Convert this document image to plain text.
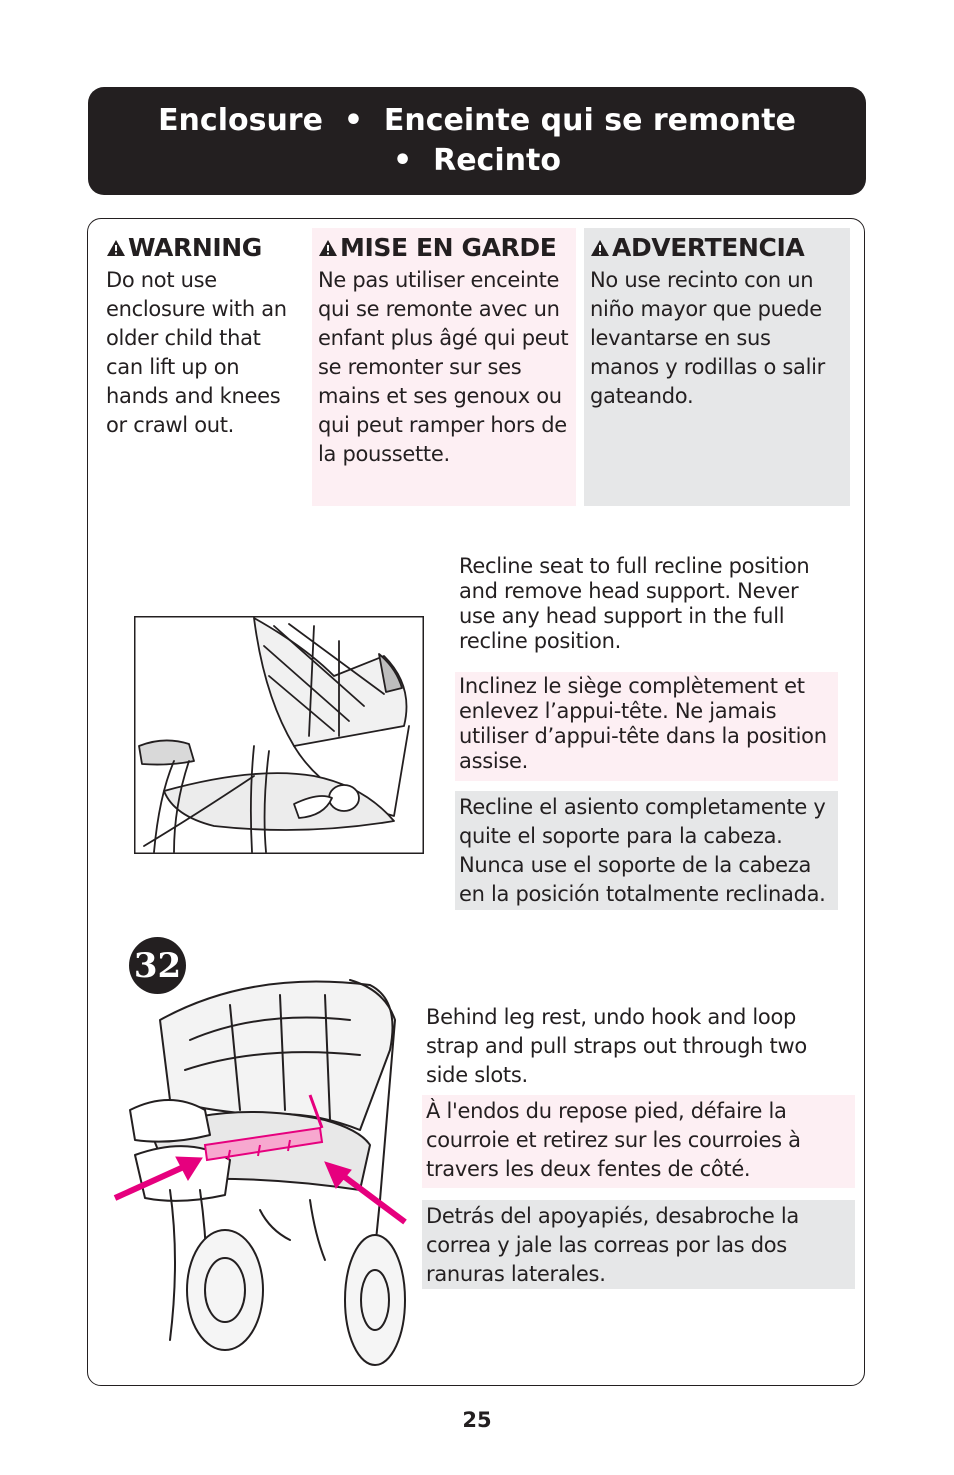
Enclosure  •  Enceinte qui se remonte
•  Recinto
WARNING
Do not use enclosure with an older child that can lift up on hands and knees or crawl out.
MISE EN GARDE
Ne pas utiliser enceinte qui se remonte avec un enfant plus âgé qui peut se remonter sur ses mains et ses genoux ou qui peut ramper hors de la poussette.
ADVERTENCIA
No use recinto con un niño mayor que puede levantarse en sus manos y rodillas o salir gateando.
Recline seat to full recline position and remove head support. Never use any head support in the full recline position.
Inclinez le siège complètement et enlevez l’appui-tête. Ne jamais utiliser d’appui-tête dans la position assise.
Recline el asiento completamente y quite el soporte para la cabeza. Nunca use el soporte de la cabeza en la posición totalmente reclinada.
32
Behind leg rest, undo hook and loop strap and pull straps out through two side slots.
À l'endos du repose pied, défaire la courroie et retirez sur les courroies à travers les deux fentes de côté.
Detrás del apoyapiés, desabroche la correa y jale las correas por las dos ranuras laterales.
25
